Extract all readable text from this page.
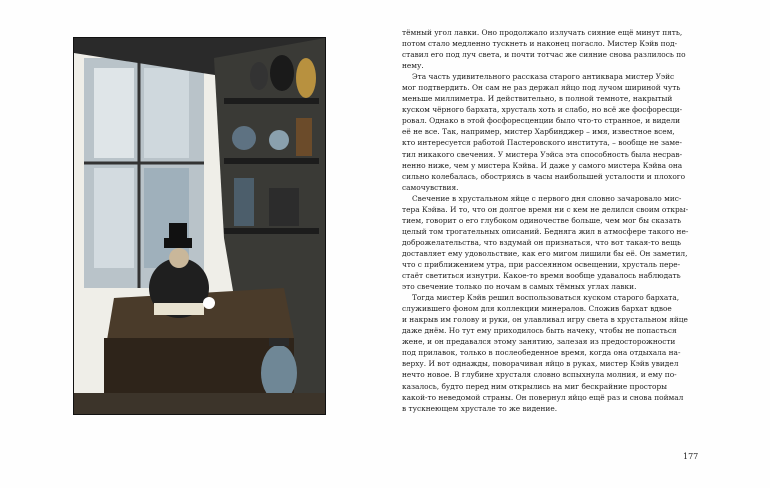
тёмный угол лавки. Оно продолжало излучать сияние ещё минут пять,
потом стало медленно тускнеть и наконец погасло. Мистер Кэйв под-
ставил его под луч света, и почти тотчас же сияние снова разлилось по
нему.
Эта часть удивительного рассказа старого антиквара мистер Уэйс
мог подтвердить. Он сам не раз держал яйцо под лучом шириной чуть
меньше миллиметра. И действительно, в полной темноте, накрытый
куском чёрного бархата, хрусталь хоть и слабо, но всё же фосфоресци-
ровал. Однако в этой фосфоресценции было что-то странное, и видели
её не все. Так, например, мистер Харбинджер – имя, известное всем,
кто интересуется работой Пастеровского института, – вообще не заме-
тил никакого свечения. У мистера Уэйса эта способность была несрав-
ненно ниже, чем у мистера Кэйва. И даже у самого мистера Кэйва она
сильно колебалась, обостряясь в часы наибольшей усталости и плохого
самочувствия.
Свечение в хрустальном яйце с первого дня словно зачаровало мис-
тера Кэйва. И то, что он долгое время ни с кем не делился своим откры-
тием, говорит о его глубоком одиночестве больше, чем мог бы сказать
целый том трогательных описаний. Бедняга жил в атмосфере такого не-
доброжелательства, что вздумай он признаться, что вот такая-то вещь
доставляет ему удовольствие, как его мигом лишили бы её. Он заметил,
что с приближением утра, при рассеянном освещении, хрусталь пере-
стаёт светиться изнутри. Какое-то время вообще удавалось наблюдать
это свечение только по ночам в самых тёмных углах лавки.
Тогда мистер Кэйв решил воспользоваться куском старого бархата,
служившего фоном для коллекции минералов. Сложив бархат вдвое
и накрыв им голову и руки, он улавливал игру света в хрустальном яйце
даже днём. Но тут ему приходилось быть начеку, чтобы не попасться
жене, и он предавался этому занятию, залезая из предосторожности
под прилавок, только в послеобеденное время, когда она отдыхала на-
верху. И вот однажды, поворачивая яйцо в руках, мистер Кэйв увидел
нечто новое. В глубине хрусталя словно вспыхнула молния, и ему по-
казалось, будто перед ним открылись на миг бескрайние просторы
какой-то неведомой страны. Он повернул яйцо ещё раз и снова поймал
в тускнеющем хрустале то же видение.
177
